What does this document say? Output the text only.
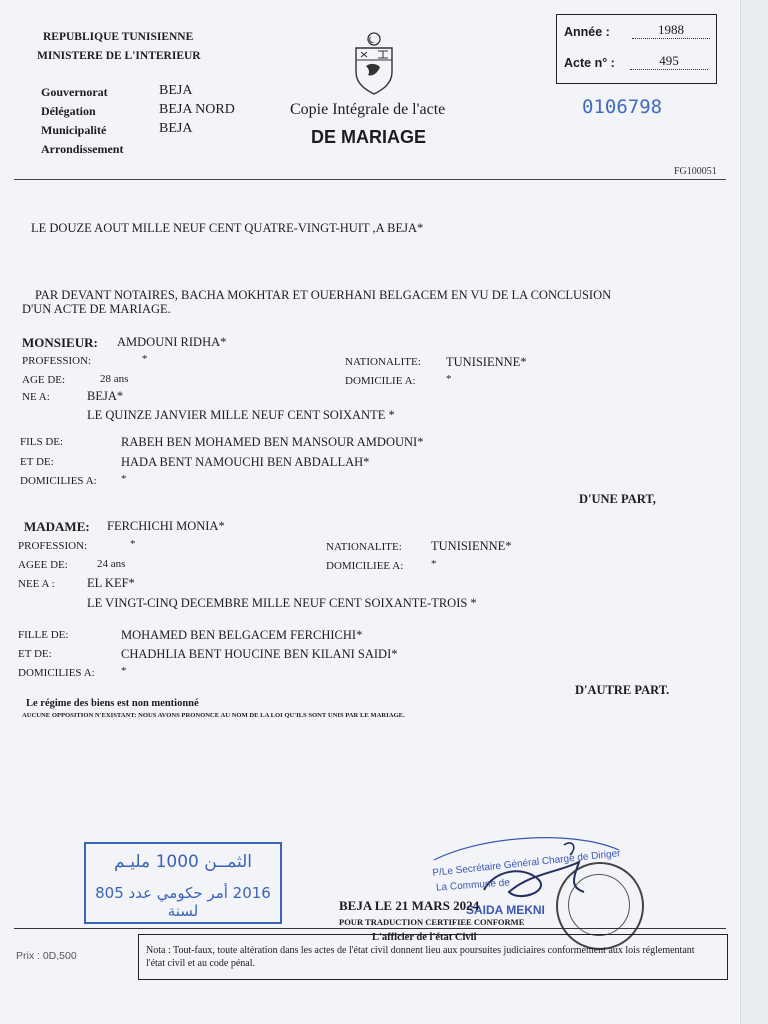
REPUBLIQUE TUNISIENNE
MINISTERE DE L'INTERIEUR
Gouvernorat	BEJA
Délégation	BEJA NORD
Municipalité	BEJA
Arrondissement
Copie Intégrale de l'acte
DE MARIAGE
Année :	1988
Acte n° :	495
0106798
FG100051
LE DOUZE AOUT MILLE NEUF CENT QUATRE-VINGT-HUIT ,A BEJA*
PAR DEVANT NOTAIRES, BACHA MOKHTAR ET OUERHANI BELGACEM EN VU DE LA CONCLUSION
D'UN ACTE DE MARIAGE.
MONSIEUR: AMDOUNI RIDHA*
PROFESSION:	*	NATIONALITE: TUNISIENNE*
AGE DE:	28 ans	DOMICILIE A:	*
NE A:	BEJA*
LE QUINZE JANVIER MILLE NEUF CENT SOIXANTE *
FILS DE:	RABEH BEN MOHAMED BEN MANSOUR AMDOUNI*
ET DE:	HADA BENT NAMOUCHI BEN ABDALLAH*
DOMICILIES A: *
D'UNE PART,
MADAME: FERCHICHI MONIA*
PROFESSION:	*	NATIONALITE: TUNISIENNE*
AGEE DE:	24 ans	DOMICILIEE A:	*
NEE A :	EL KEF*
LE VINGT-CINQ DECEMBRE MILLE NEUF CENT SOIXANTE-TROIS *
FILLE DE:	MOHAMED BEN BELGACEM FERCHICHI*
ET DE:	CHADHLIA BENT HOUCINE BEN KILANI SAIDI*
DOMICILIES A: *
D'AUTRE PART.
Le régime des biens est non mentionné
AUCUNE OPPOSITION N'EXISTANT: NOUS AVONS PRONONCE AU NOM DE LA LOI QU'ILS SONT UNIS PAR LE MARIAGE.
الثمــن 1000 مليـم
2016 أمر حكومي عدد 805 لسنة
P/Le Secrétaire Général Chargé de Diriger
La Commune de
SAIDA MEKNI
BEJA LE 21 MARS 2024
POUR TRADUCTION CERTIFIEE CONFORME
L'afficier de l'état Civil
Prix : 0D,500	Nota : Tout-faux, toute altération dans les actes de l'état civil donnent lieu aux poursuites judiciaires conformément aux lois réglementant l'état civil et au code pénal.
